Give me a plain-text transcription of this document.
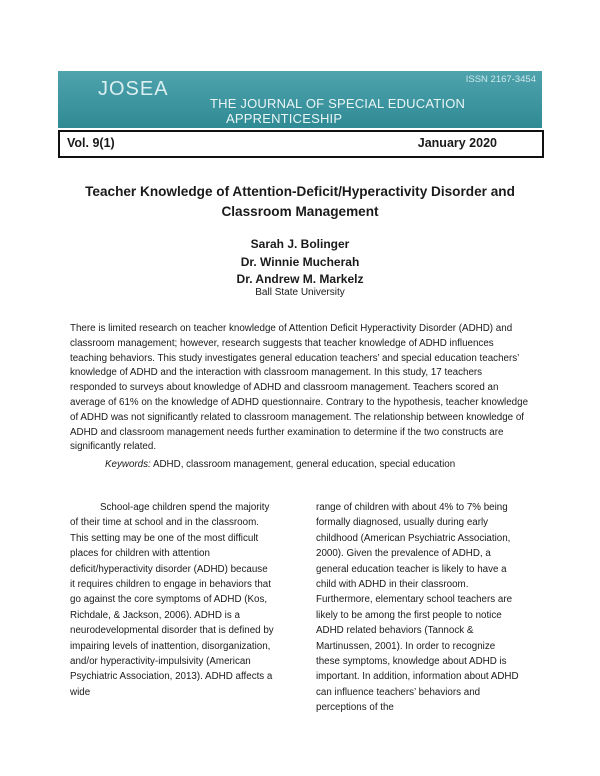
JOSEA	ISSN 2167-3454
THE JOURNAL OF SPECIAL EDUCATION
APPRENTICESHIP
Vol. 9(1)	January 2020
Teacher Knowledge of Attention-Deficit/Hyperactivity Disorder and Classroom Management
Sarah J. Bolinger
Dr. Winnie Mucherah
Dr. Andrew M. Markelz
Ball State University
There is limited research on teacher knowledge of Attention Deficit Hyperactivity Disorder (ADHD) and classroom management; however, research suggests that teacher knowledge of ADHD influences teaching behaviors. This study investigates general education teachers’ and special education teachers’ knowledge of ADHD and the interaction with classroom management. In this study, 17 teachers responded to surveys about knowledge of ADHD and classroom management. Teachers scored an average of 61% on the knowledge of ADHD questionnaire. Contrary to the hypothesis, teacher knowledge of ADHD was not significantly related to classroom management. The relationship between knowledge of ADHD and classroom management needs further examination to determine if the two constructs are significantly related.
Keywords: ADHD, classroom management, general education, special education
School-age children spend the majority of their time at school and in the classroom. This setting may be one of the most difficult places for children with attention deficit/hyperactivity disorder (ADHD) because it requires children to engage in behaviors that go against the core symptoms of ADHD (Kos, Richdale, & Jackson, 2006). ADHD is a neurodevelopmental disorder that is defined by impairing levels of inattention, disorganization, and/or hyperactivity-impulsivity (American Psychiatric Association, 2013). ADHD affects a wide
range of children with about 4% to 7% being formally diagnosed, usually during early childhood (American Psychiatric Association, 2000). Given the prevalence of ADHD, a general education teacher is likely to have a child with ADHD in their classroom. Furthermore, elementary school teachers are likely to be among the first people to notice ADHD related behaviors (Tannock & Martinussen, 2001). In order to recognize these symptoms, knowledge about ADHD is important. In addition, information about ADHD can influence teachers’ behaviors and perceptions of the
